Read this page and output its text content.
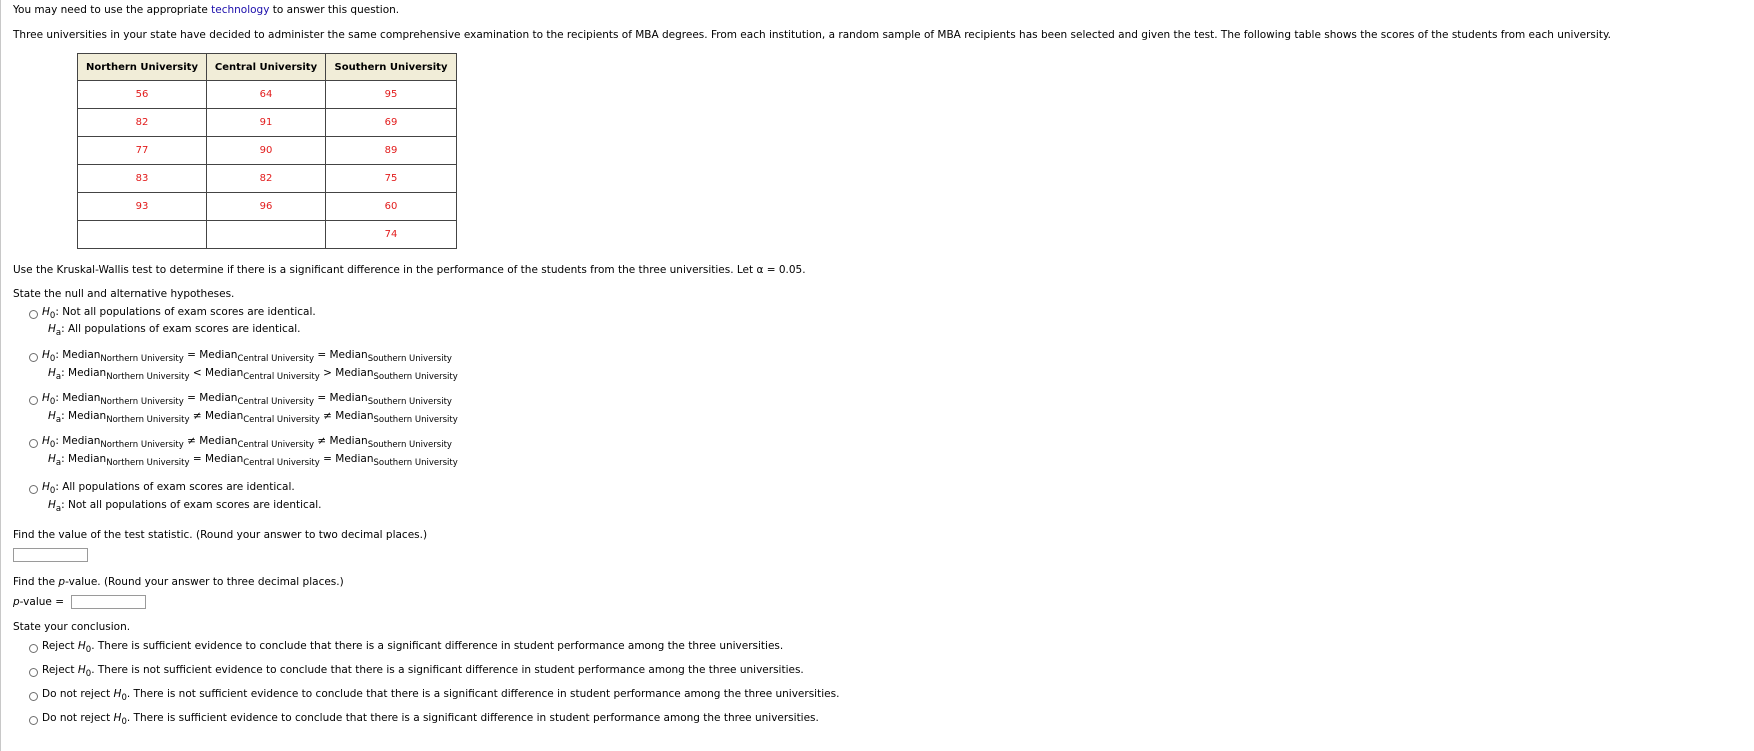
You may need to use the appropriate technology to answer this question.
Three universities in your state have decided to administer the same comprehensive examination to the recipients of MBA degrees. From each institution, a random sample of MBA recipients has been selected and given the test. The following table shows the scores of the students from each university.
Northern University	Central University	Southern University
56	64	95
82	91	69
77	90	89
83	82	75
93	96	60
		74
Use the Kruskal-Wallis test to determine if there is a significant difference in the performance of the students from the three universities. Let α = 0.05.
State the null and alternative hypotheses.
$H_0$: Not all populations of exam scores are identical.
$H_a$: All populations of exam scores are identical.
$H_0$: Median$_{Northern University}$ = Median$_{Central University}$ = Median$_{Southern University}$
$H_a$: Median$_{Northern University}$ < Median$_{Central University}$ > Median$_{Southern University}$
$H_0$: Median$_{Northern University}$ = Median$_{Central University}$ = Median$_{Southern University}$
$H_a$: Median$_{Northern University}$ ≠ Median$_{Central University}$ ≠ Median$_{Southern University}$
$H_0$: Median$_{Northern University}$ ≠ Median$_{Central University}$ ≠ Median$_{Southern University}$
$H_a$: Median$_{Northern University}$ = Median$_{Central University}$ = Median$_{Southern University}$
$H_0$: All populations of exam scores are identical.
$H_a$: Not all populations of exam scores are identical.
Find the value of the test statistic. (Round your answer to two decimal places.)
Find the p-value. (Round your answer to three decimal places.)
p-value =
State your conclusion.
Reject $H_0$. There is sufficient evidence to conclude that there is a significant difference in student performance among the three universities.
Reject $H_0$. There is not sufficient evidence to conclude that there is a significant difference in student performance among the three universities.
Do not reject $H_0$. There is not sufficient evidence to conclude that there is a significant difference in student performance among the three universities.
Do not reject $H_0$. There is sufficient evidence to conclude that there is a significant difference in student performance among the three universities.
